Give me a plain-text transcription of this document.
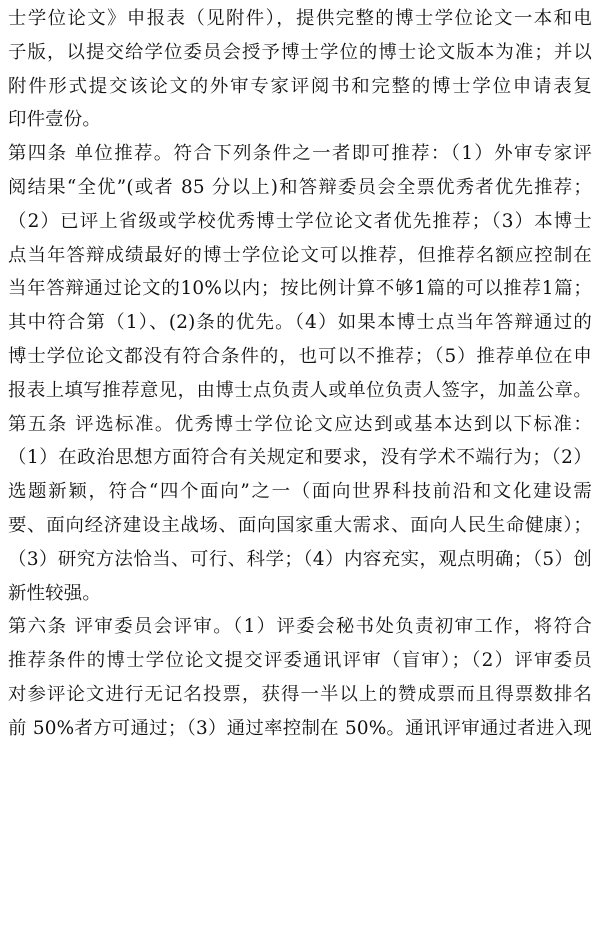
士学位论文》申报表（见附件），提供完整的博士学位论文一本和电
子版，以提交给学位委员会授予博士学位的博士论文版本为准；并以
附件形式提交该论文的外审专家评阅书和完整的博士学位申请表复
印件壹份。
第四条 单位推荐。符合下列条件之一者即可推荐：（1）外审专家评
阅结果“全优”(或者 85 分以上)和答辩委员会全票优秀者优先推荐；
（2）已评上省级或学校优秀博士学位论文者优先推荐；（3）本博士
点当年答辩成绩最好的博士学位论文可以推荐，但推荐名额应控制在
当年答辩通过论文的10%以内；按比例计算不够1篇的可以推荐1篇；
其中符合第（1）、(2)条的优先。（4）如果本博士点当年答辩通过的
博士学位论文都没有符合条件的，也可以不推荐；（5）推荐单位在申
报表上填写推荐意见，由博士点负责人或单位负责人签字，加盖公章。
第五条 评选标准。优秀博士学位论文应达到或基本达到以下标准：
（1）在政治思想方面符合有关规定和要求，没有学术不端行为；（2）
选题新颖，符合“四个面向”之一（面向世界科技前沿和文化建设需
要、面向经济建设主战场、面向国家重大需求、面向人民生命健康）；
（3）研究方法恰当、可行、科学；（4）内容充实，观点明确；（5）创
新性较强。
第六条 评审委员会评审。（1）评委会秘书处负责初审工作，将符合
推荐条件的博士学位论文提交评委通讯评审（盲审）；（2）评审委员
对参评论文进行无记名投票，获得一半以上的赞成票而且得票数排名
前 50%者方可通过；（3）通过率控制在 50%。通讯评审通过者进入现
